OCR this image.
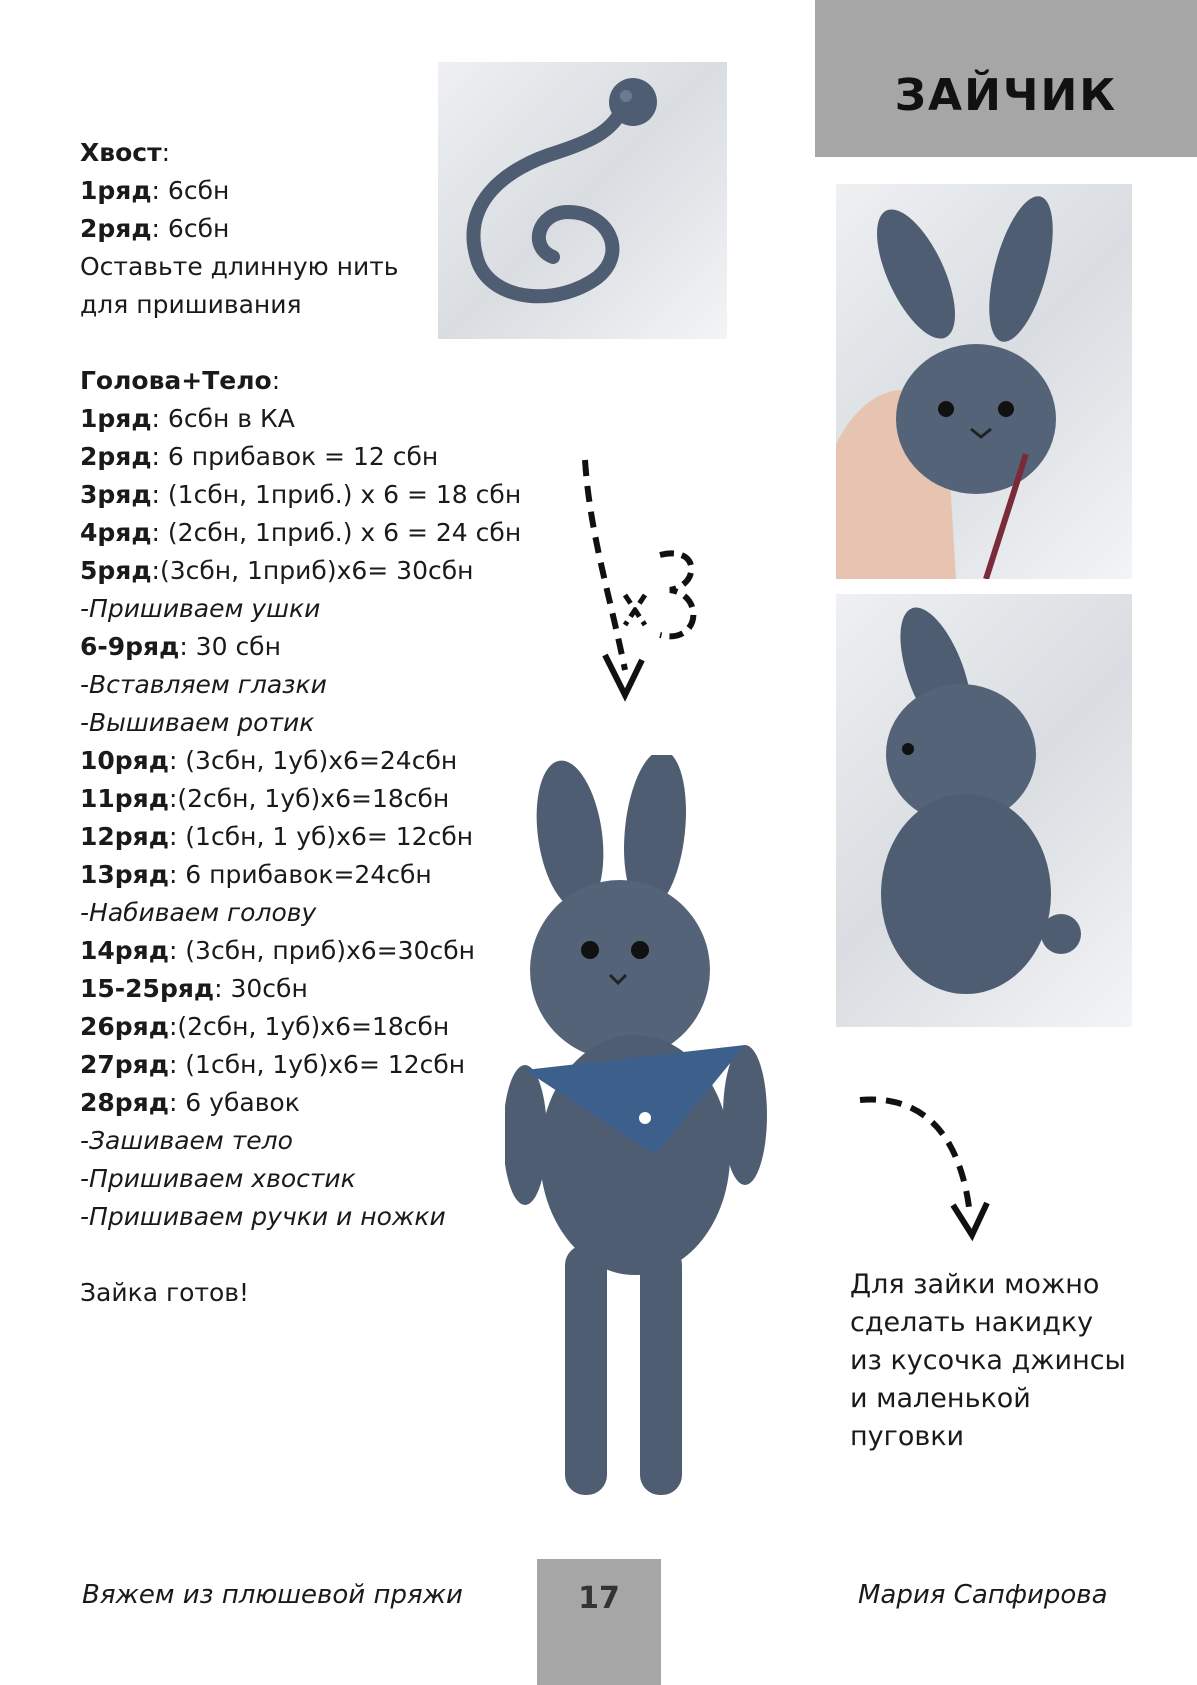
ЗАЙЧИК
Хвост:
1ряд: 6сбн
2ряд: 6сбн
Оставьте длинную нить
для пришивания
Голова+Тело:
1ряд: 6сбн в КА
2ряд: 6 прибавок = 12 сбн
3ряд: (1сбн, 1приб.) х 6 = 18 сбн
4ряд: (2сбн, 1приб.) х 6 = 24 сбн
5ряд:(3сбн, 1приб)х6= 30сбн
-Пришиваем ушки
6-9ряд: 30 сбн
-Вставляем глазки
-Вышиваем ротик
10ряд: (3сбн, 1уб)х6=24сбн
11ряд:(2сбн, 1уб)х6=18сбн
12ряд: (1сбн, 1 уб)х6= 12сбн
13ряд: 6 прибавок=24сбн
-Набиваем голову
14ряд: (3сбн, приб)х6=30сбн
15-25ряд: 30сбн
26ряд:(2сбн, 1уб)х6=18сбн
27ряд: (1сбн, 1уб)х6= 12сбн
28ряд: 6 убавок
-Зашиваем тело
-Пришиваем хвостик
-Пришиваем ручки и ножки

Зайка готов!	Для зайки можно
сделать накидку
из кусочка джинсы
и маленькой
пуговки
Вяжем из плюшевой пряжи	17	Мария Сапфирова
